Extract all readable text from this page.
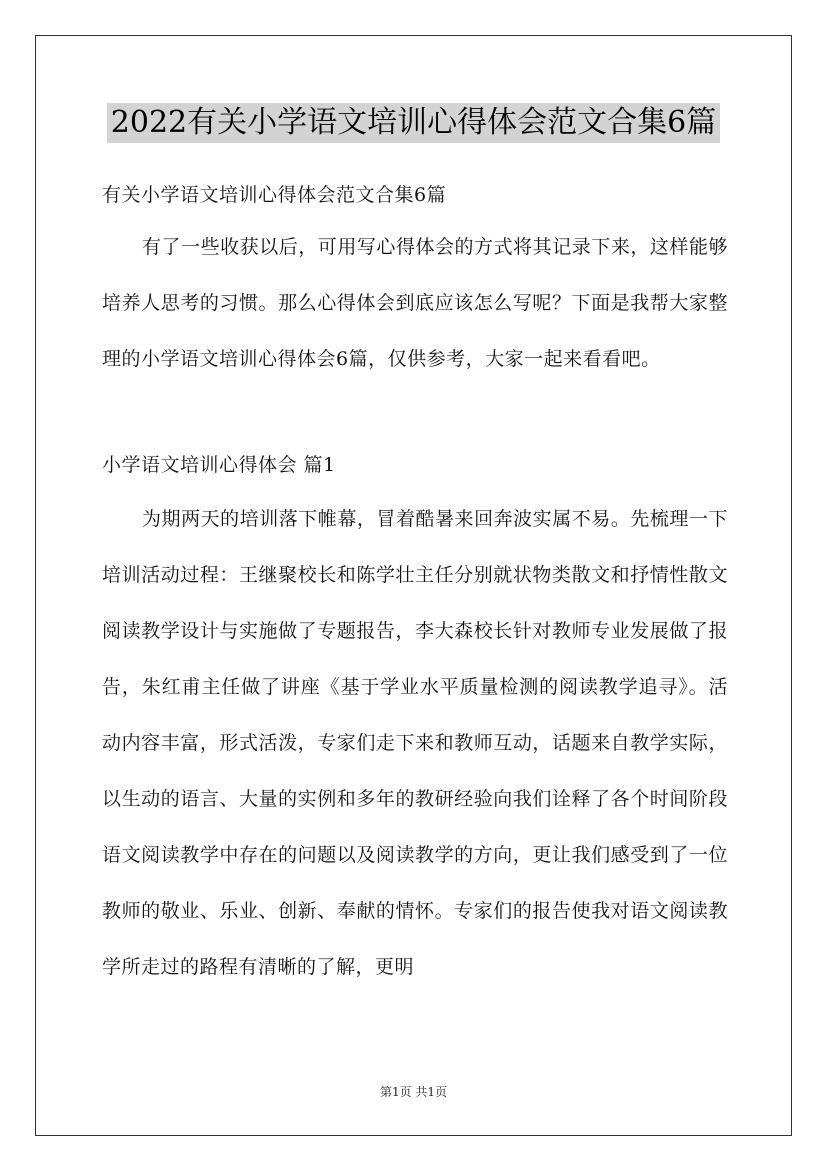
2022有关小学语文培训心得体会范文合集6篇

有关小学语文培训心得体会范文合集6篇

有了一些收获以后，可用写心得体会的方式将其记录下来，这样能够培养人思考的习惯。那么心得体会到底应该怎么写呢？下面是我帮大家整理的小学语文培训心得体会6篇，仅供参考，大家一起来看看吧。

小学语文培训心得体会 篇1

为期两天的培训落下帷幕，冒着酷暑来回奔波实属不易。先梳理一下培训活动过程：王继聚校长和陈学壮主任分别就状物类散文和抒情性散文阅读教学设计与实施做了专题报告，李大森校长针对教师专业发展做了报告，朱红甫主任做了讲座《基于学业水平质量检测的阅读教学追寻》。活动内容丰富，形式活泼，专家们走下来和教师互动，话题来自教学实际，以生动的语言、大量的实例和多年的教研经验向我们诠释了各个时间阶段语文阅读教学中存在的问题以及阅读教学的方向，更让我们感受到了一位教师的敬业、乐业、创新、奉献的情怀。专家们的报告使我对语文阅读教学所走过的路程有清晰的了解，更明

第1页 共1页
